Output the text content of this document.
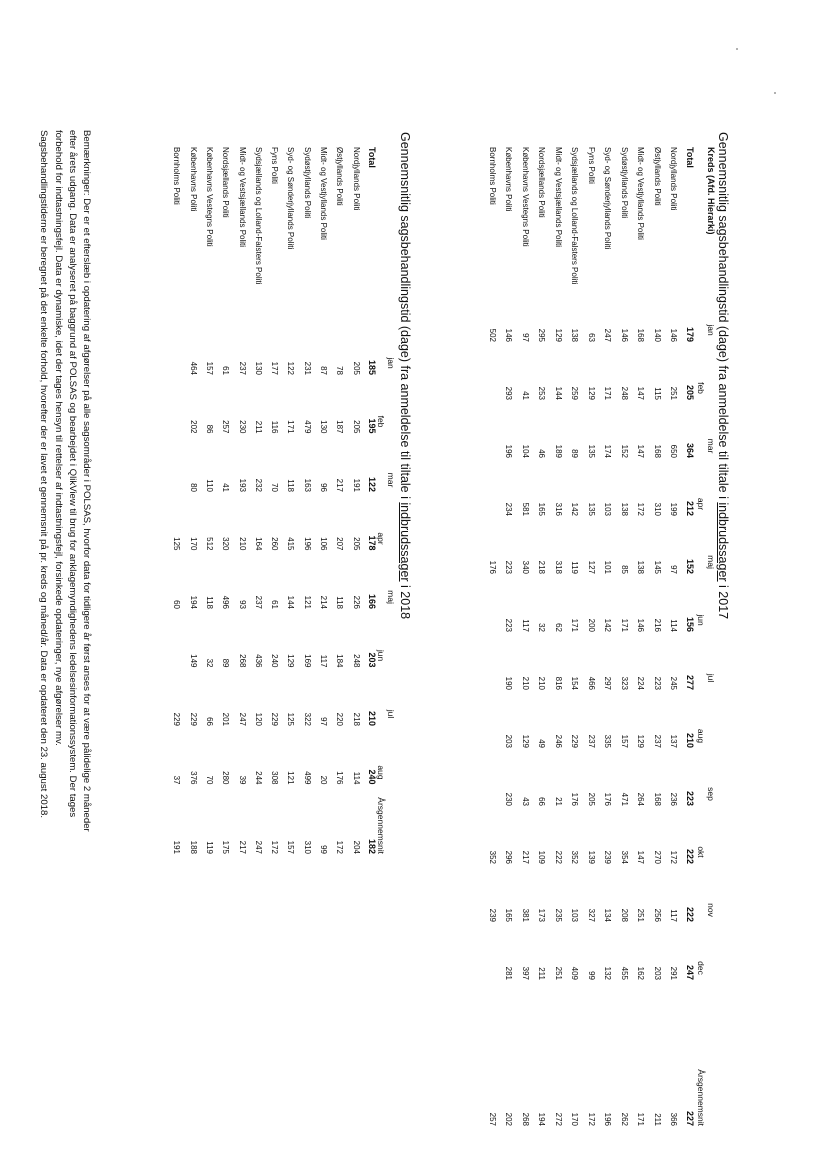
Gennemsnitlig sagsbehandlingstid (dage) fra anmeldelse til tiltale i indbrudssager i 2017
Kreds (Afd. Hierarki)
jan
feb
mar
apr
maj
jun
jul
aug
sep
okt
nov
dec
Årsgennemsnit
Total
179
205
364
212
152
156
277
210
223
222
222
247
227
Nordjyllands Politi
146
251
650
199
97
114
245
137
236
172
117
291
366
Østjyllands Politi
140
115
168
310
145
216
223
237
168
270
256
203
211
Midt- og Vestjyllands Politi
168
147
147
172
138
146
224
129
264
147
251
162
171
Sydøstjyllands Politi
146
248
152
138
85
171
323
157
471
354
208
455
262
Syd- og Sønderjyllands Politi
247
171
174
103
101
142
297
335
176
239
134
132
196
Fyns Politi
63
129
135
135
127
200
466
237
205
139
327
99
172
Sydsjællands og Lolland-Falsters Politi
138
259
89
142
119
171
154
229
176
352
103
409
170
Midt- og Vestsjællands Politi
129
144
189
316
318
62
816
246
21
222
235
251
272
Nordsjællands Politi
295
253
46
165
218
32
210
49
66
109
173
211
194
Københavns Vestegns Politi
97
41
104
581
340
117
210
129
43
217
381
397
268
Københavns Politi
146
293
196
234
223
223
190
203
230
296
165
281
202
Bornholms Politi
502
176
352
239
257
Gennemsnitlig sagsbehandlingstid (dage) fra anmeldelse til tiltale i indbrudssager i 2018
jan
feb
mar
apr
maj
jun
jul
aug
Årsgennemsnit
Total
185
195
122
178
166
203
210
240
182
Nordjyllands Politi
205
205
191
205
226
248
218
114
204
Østjyllands Politi
78
187
217
207
118
184
220
176
172
Midt- og Vestjyllands Politi
87
130
96
106
214
117
97
20
99
Sydøstjyllands Politi
231
479
163
196
121
169
322
499
310
Syd- og Sønderjyllands Politi
122
171
118
415
144
129
125
121
157
Fyns Politi
177
116
70
260
61
240
229
308
172
Sydsjællands og Lolland-Falsters Politi
130
211
232
164
237
436
120
244
247
Midt- og Vestsjællands Politi
237
230
193
210
93
268
247
39
217
Nordsjællands Politi
61
257
41
320
496
89
201
280
175
Københavns Vestegns Politi
157
86
110
512
118
32
66
70
119
Københavns Politi
464
202
80
170
194
149
229
376
188
Bornholms Politi
125
60
229
37
191

Bemærkninger: Der er et efterslæb i opdatering af afgørelser på alle sagsområder i POLSAS, hvorfor data for tidligere år først anses for at være pålidelige 2 måneder

efter årets udgang. Data er analyseret på baggrund af POLSAS og bearbejdet i QlikView til brug for anklagemyndighedens ledelsesinformationssystem. Der tages

forbehold for indtastningsfejl. Data er dynamiske, idet der tages hensyn til rettelser af indtastningsfejl, forsinkede opdateringer, nye afgørelser mv.

Sagsbehandlingstiderne er beregnet på det enkelte forhold, hvorefter der er lavet et gennemsnit på pr. kreds og måned/år. Data er opdateret den 23. august 2018.
